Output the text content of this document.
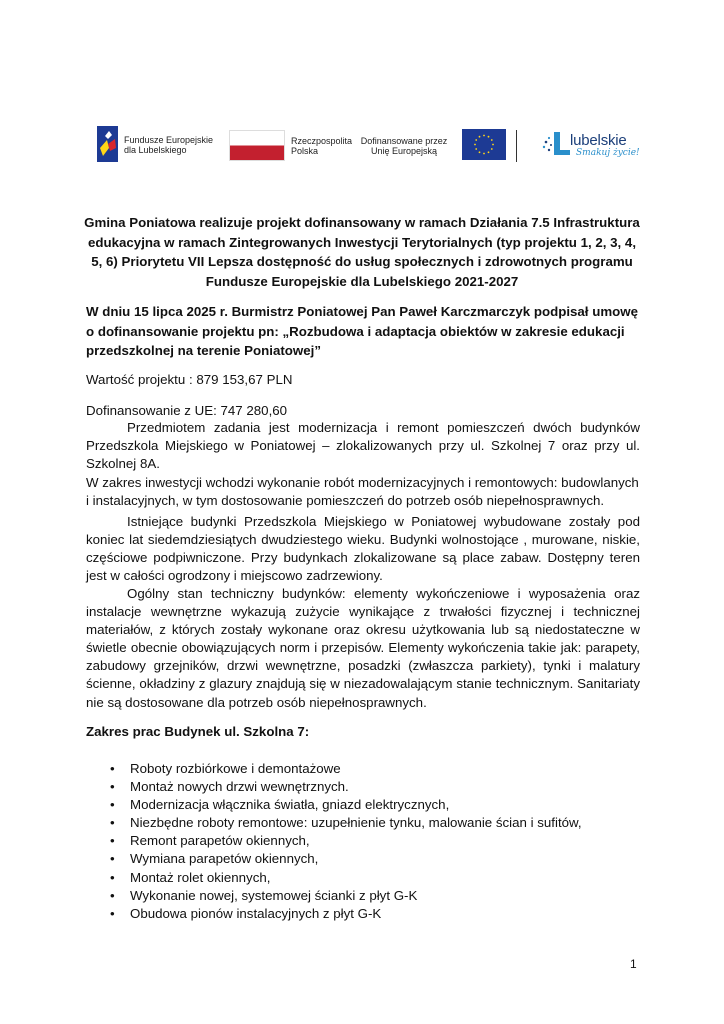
Fundusze Europejskie
dla Lubelskiego
Rzeczpospolita
Polska
Dofinansowane przez
Unię Europejską
lubelskie
Smakuj życie!

Gmina Poniatowa realizuje projekt dofinansowany w ramach Działania 7.5 Infrastruktura edukacyjna w ramach Zintegrowanych Inwestycji Terytorialnych (typ projektu 1, 2, 3, 4, 5, 6) Priorytetu VII Lepsza dostępność do usług społecznych i zdrowotnych programu Fundusze Europejskie dla Lubelskiego 2021-2027

W dniu 15 lipca 2025 r. Burmistrz Poniatowej Pan Paweł Karczmarczyk podpisał umowę o dofinansowanie projektu pn: „Rozbudowa i adaptacja obiektów w zakresie edukacji przedszkolnej na terenie Poniatowej”

Wartość projektu : 879 153,67 PLN

Dofinansowanie z UE: 747 280,60

Przedmiotem zadania jest modernizacja i remont pomieszczeń dwóch budynków Przedszkola Miejskiego w Poniatowej – zlokalizowanych przy ul. Szkolnej 7 oraz przy ul. Szkolnej 8A.

W zakres inwestycji wchodzi wykonanie robót modernizacyjnych i remontowych: budowlanych i instalacyjnych, w tym dostosowanie pomieszczeń do potrzeb osób niepełnosprawnych.

Istniejące budynki Przedszkola Miejskiego w Poniatowej wybudowane zostały pod koniec lat siedemdziesiątych dwudziestego wieku. Budynki wolnostojące , murowane, niskie, częściowe podpiwniczone. Przy budynkach zlokalizowane są place zabaw. Dostępny teren jest w całości ogrodzony i miejscowo zadrzewiony.

Ogólny stan techniczny budynków: elementy wykończeniowe i wyposażenia oraz instalacje wewnętrzne wykazują zużycie wynikające z trwałości fizycznej i technicznej materiałów, z których zostały wykonane oraz okresu użytkowania lub są niedostateczne w świetle obecnie obowiązujących norm i przepisów. Elementy wykończenia takie jak: parapety, zabudowy grzejników, drzwi wewnętrzne, posadzki (zwłaszcza parkiety), tynki i malatury ścienne, okładziny z glazury znajdują się w niezadowalającym stanie technicznym. Sanitariaty nie są dostosowane dla potrzeb osób niepełnosprawnych.

Zakres prac Budynek ul. Szkolna 7:

• Roboty rozbiórkowe i demontażowe
• Montaż nowych drzwi wewnętrznych.
• Modernizacja włącznika światła, gniazd elektrycznych,
• Niezbędne roboty remontowe: uzupełnienie tynku, malowanie ścian i sufitów,
• Remont parapetów okiennych,
• Wymiana parapetów okiennych,
• Montaż rolet okiennych,
• Wykonanie nowej, systemowej ścianki z płyt G-K
• Obudowa pionów instalacyjnych z płyt G-K
1
